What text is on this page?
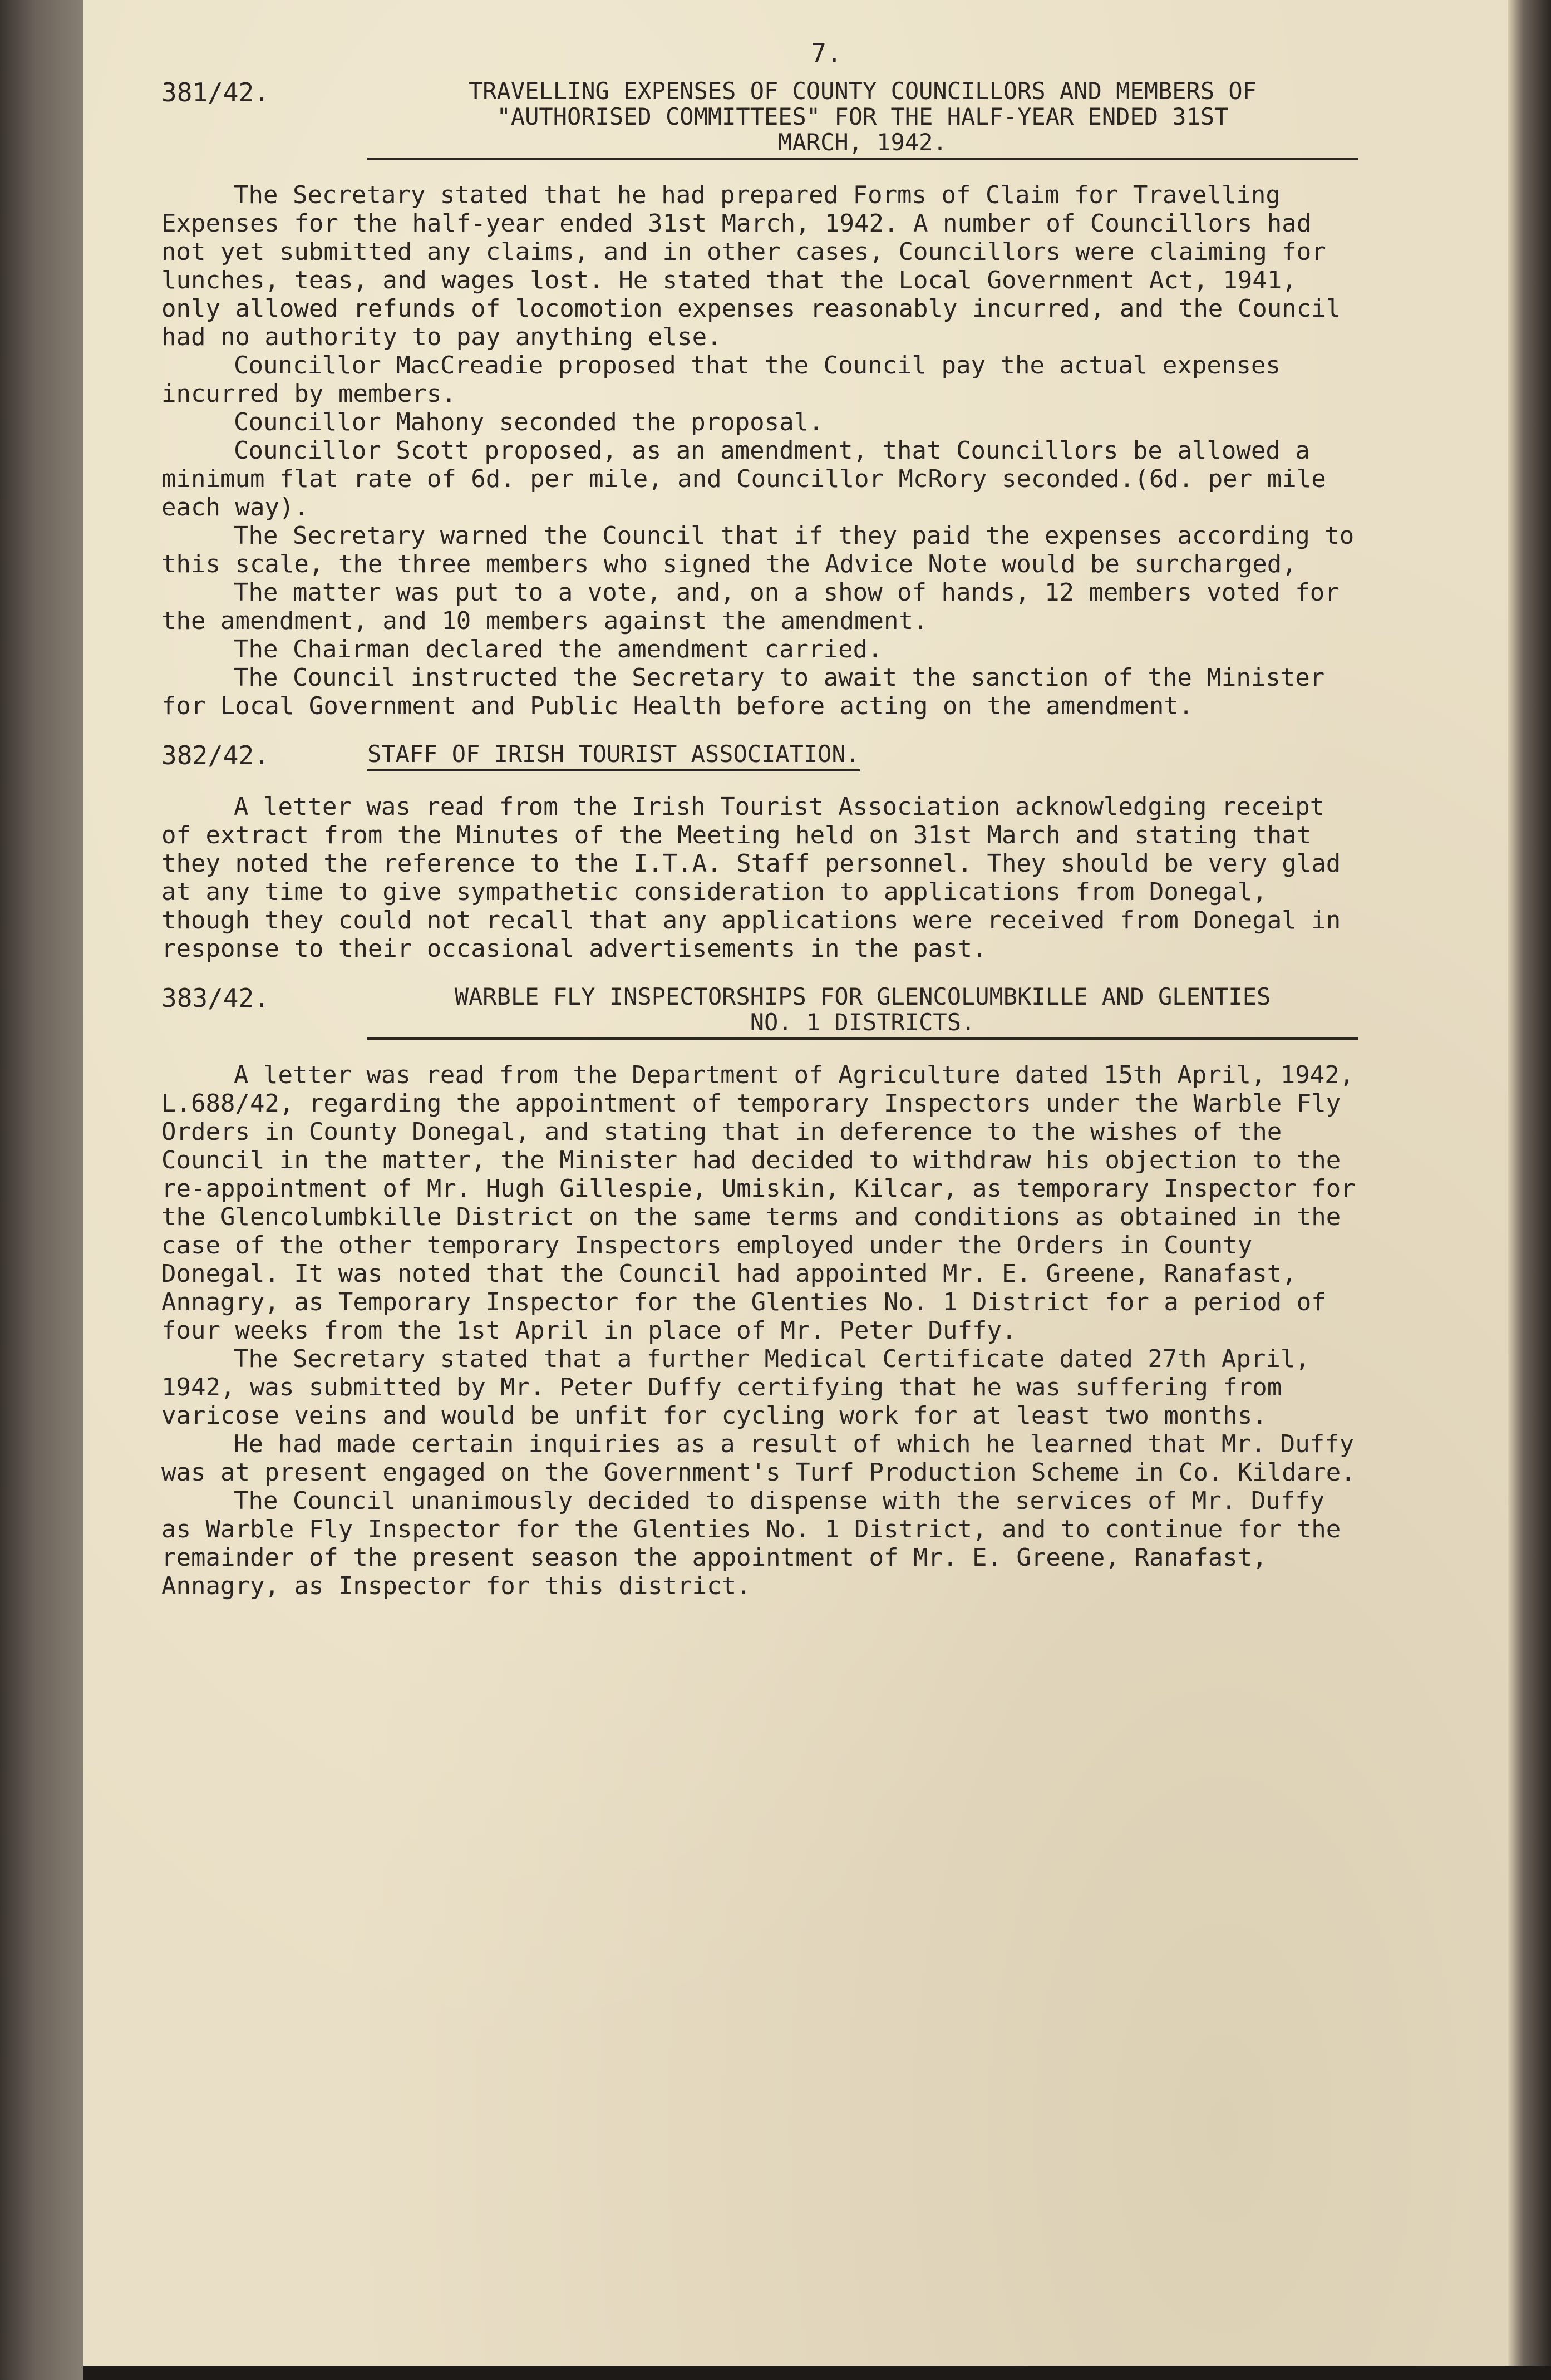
7.
381/42.	TRAVELLING EXPENSES OF COUNTY COUNCILLORS AND MEMBERS OF
"AUTHORISED COMMITTEES" FOR THE HALF-YEAR ENDED 31ST
MARCH, 1942.

The Secretary stated that he had prepared Forms of Claim for Travelling Expenses for the half-year ended 31st March, 1942. A number of Councillors had not yet submitted any claims, and in other cases, Councillors were claiming for lunches, teas, and wages lost. He stated that the Local Government Act, 1941, only allowed refunds of locomotion expenses reasonably incurred, and the Council had no authority to pay anything else.

Councillor MacCreadie proposed that the Council pay the actual expenses incurred by members.

Councillor Mahony seconded the proposal.

Councillor Scott proposed, as an amendment, that Councillors be allowed a minimum flat rate of 6d. per mile, and Councillor McRory seconded.(6d. per mile each way).

The Secretary warned the Council that if they paid the expenses according to this scale, the three members who signed the Advice Note would be surcharged,

The matter was put to a vote, and, on a show of hands, 12 members voted for the amendment, and 10 members against the amendment.

The Chairman declared the amendment carried.

The Council instructed the Secretary to await the sanction of the Minister for Local Government and Public Health before acting on the amendment.

382/42.	STAFF OF IRISH TOURIST ASSOCIATION.

A letter was read from the Irish Tourist Association acknowledging receipt of extract from the Minutes of the Meeting held on 31st March and stating that they noted the reference to the I.T.A. Staff personnel. They should be very glad at any time to give sympathetic consideration to applications from Donegal, though they could not recall that any applications were received from Donegal in response to their occasional advertisements in the past.

383/42.	WARBLE FLY INSPECTORSHIPS FOR GLENCOLUMBKILLE AND GLENTIES
NO. 1 DISTRICTS.

A letter was read from the Department of Agriculture dated 15th April, 1942, L.688/42, regarding the appointment of temporary Inspectors under the Warble Fly Orders in County Donegal, and stating that in deference to the wishes of the Council in the matter, the Minister had decided to withdraw his objection to the re-appointment of Mr. Hugh Gillespie, Umiskin, Kilcar, as temporary Inspector for the Glencolumbkille District on the same terms and conditions as obtained in the case of the other temporary Inspectors employed under the Orders in County Donegal. It was noted that the Council had appointed Mr. E. Greene, Ranafast, Annagry, as Temporary Inspector for the Glenties No. 1 District for a period of four weeks from the 1st April in place of Mr. Peter Duffy.

The Secretary stated that a further Medical Certificate dated 27th April, 1942, was submitted by Mr. Peter Duffy certifying that he was suffering from varicose veins and would be unfit for cycling work for at least two months.

He had made certain inquiries as a result of which he learned that Mr. Duffy was at present engaged on the Government's Turf Production Scheme in Co. Kildare.

The Council unanimously decided to dispense with the services of Mr. Duffy as Warble Fly Inspector for the Glenties No. 1 District, and to continue for the remainder of the present season the appointment of Mr. E. Greene, Ranafast, Annagry, as Inspector for this district.
